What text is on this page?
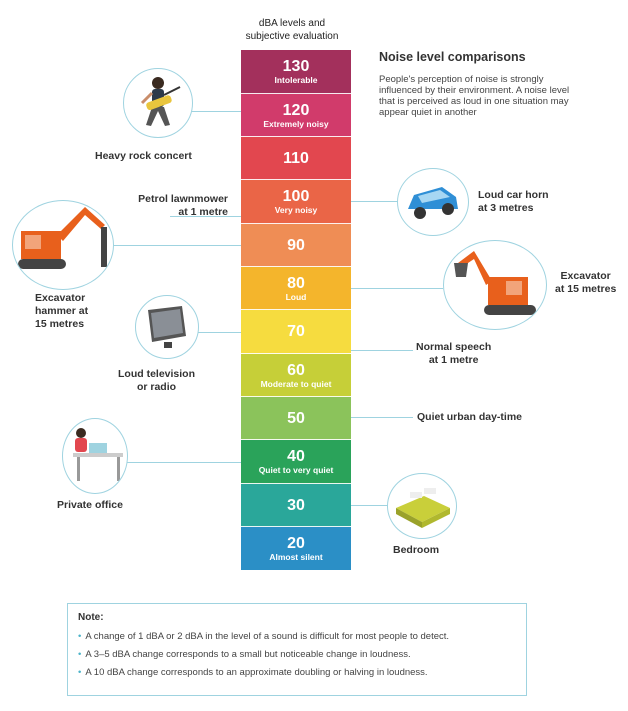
dBA levels and
subjective evaluation
130
Intolerable
120
Extremely noisy
110
100
Very noisy
90
80
Loud
70
60
Moderate to quiet
50
40
Quiet to very quiet
30
20
Almost silent
Noise level comparisons
People's perception of noise is strongly influenced by their environment. A noise level that is perceived as loud in one situation may appear quiet in another
Heavy rock concert
Petrol lawnmower
at 1 metre
Excavator
hammer at
15 metres
Loud car horn
at 3 metres
Excavator
at 15 metres
Loud television
or radio
Normal speech
at 1 metre
Quiet urban day-time
Private office
Bedroom
Note:
• A change of 1 dBA or 2 dBA in the level of a sound is difficult for most people to detect.
• A 3–5 dBA change corresponds to a small but noticeable change in loudness.
• A 10 dBA change corresponds to an approximate doubling or halving in loudness.
